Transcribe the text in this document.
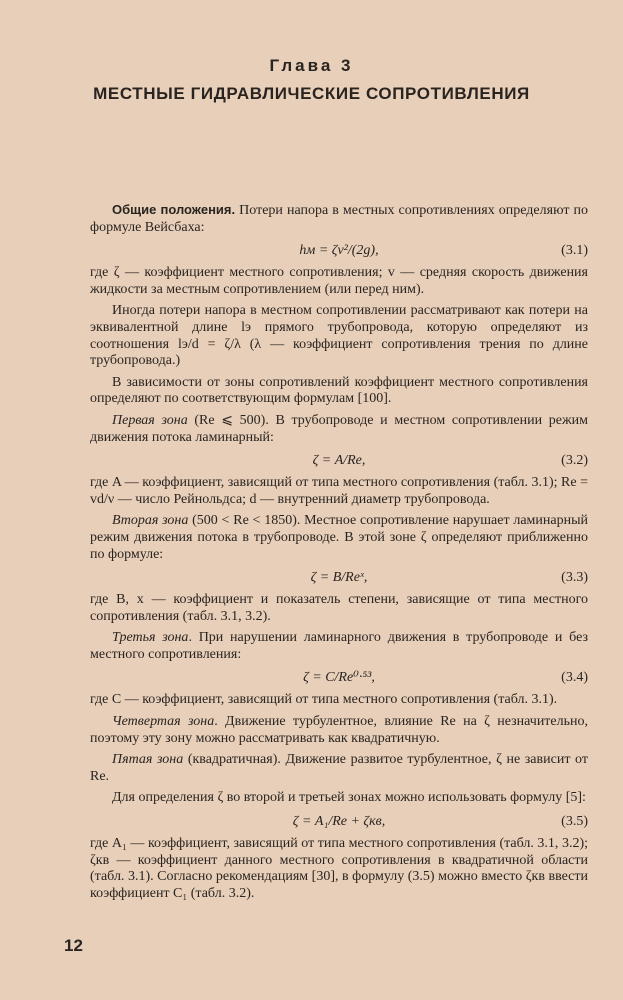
Глава 3
МЕСТНЫЕ ГИДРАВЛИЧЕСКИЕ СОПРОТИВЛЕНИЯ

Общие положения. Потери напора в местных сопротивлениях определяют по формуле Вейсбаха:

hм = ζv²/(2g),	(3.1)

где ζ — коэффициент местного сопротивления; v — средняя скорость движения жидкости за местным сопротивлением (или перед ним).

Иногда потери напора в местном сопротивлении рассматривают как потери на эквивалентной длине lэ прямого трубопровода, которую определяют из соотношения lэ/d = ζ/λ (λ — коэффициент сопротивления трения по длине трубопровода.)

В зависимости от зоны сопротивлений коэффициент местного сопротивления определяют по соответствующим формулам [100].

Первая зона (Re ⩽ 500). В трубопроводе и местном сопротивлении режим движения потока ламинарный:

ζ = A/Re,	(3.2)

где A — коэффициент, зависящий от типа местного сопротивления (табл. 3.1); Re = vd/ν — число Рейнольдса; d — внутренний диаметр трубопровода.

Вторая зона (500 < Re < 1850). Местное сопротивление нарушает ламинарный режим движения потока в трубопроводе. В этой зоне ζ определяют приближенно по формуле:

ζ = B/Reˣ,	(3.3)

где B, x — коэффициент и показатель степени, зависящие от типа местного сопротивления (табл. 3.1, 3.2).

Третья зона. При нарушении ламинарного движения в трубопроводе и без местного сопротивления:

ζ = C/Re⁰·⁵³,	(3.4)

где C — коэффициент, зависящий от типа местного сопротивления (табл. 3.1).

Четвертая зона. Движение турбулентное, влияние Re на ζ незначительно, поэтому эту зону можно рассматривать как квадратичную.

Пятая зона (квадратичная). Движение развитое турбулентное, ζ не зависит от Re.

Для определения ζ во второй и третьей зонах можно использовать формулу [5]:

ζ = A₁/Re + ζкв,	(3.5)

где A₁ — коэффициент, зависящий от типа местного сопротивления (табл. 3.1, 3.2); ζкв — коэффициент данного местного сопротивления в квадратичной области (табл. 3.1). Согласно рекомендациям [30], в формулу (3.5) можно вместо ζкв ввести коэффициент C₁ (табл. 3.2).

12
